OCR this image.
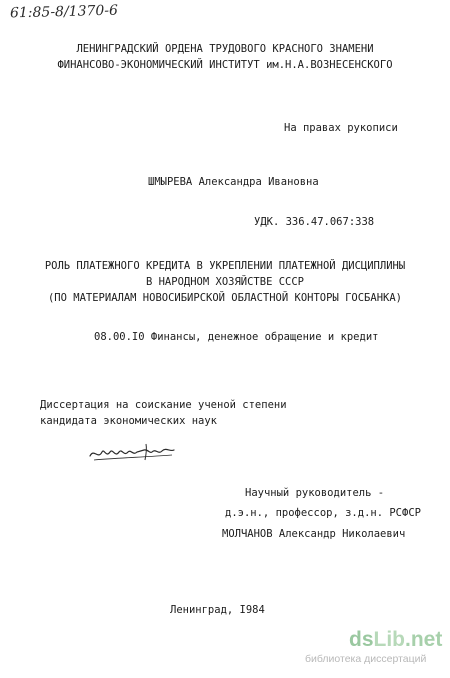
61:85-8/1370-6
ЛЕНИНГРАДСКИЙ ОРДЕНА ТРУДОВОГО КРАСНОГО ЗНАМЕНИ
ФИНАНСОВО-ЭКОНОМИЧЕСКИЙ ИНСТИТУТ им.Н.А.ВОЗНЕСЕНСКОГО
На правах рукописи
ШМЫРЕВА Александра Ивановна
УДК. 336.47.067:338
РОЛЬ ПЛАТЕЖНОГО КРЕДИТА В УКРЕПЛЕНИИ ПЛАТЕЖНОЙ ДИСЦИПЛИНЫ
В НАРОДНОМ ХОЗЯЙСТВЕ СССР
(ПО МАТЕРИАЛАМ НОВОСИБИРСКОЙ ОБЛАСТНОЙ КОНТОРЫ ГОСБАНКА)
08.00.I0 Финансы, денежное обращение и кредит
Диссертация на соискание ученой степени
кандидата экономических наук
Научный руководитель -
д.э.н., профессор, з.д.н. РСФСР
МОЛЧАНОВ Александр Николаевич
Ленинград, I984
dsLib.net
библиотека диссертаций
